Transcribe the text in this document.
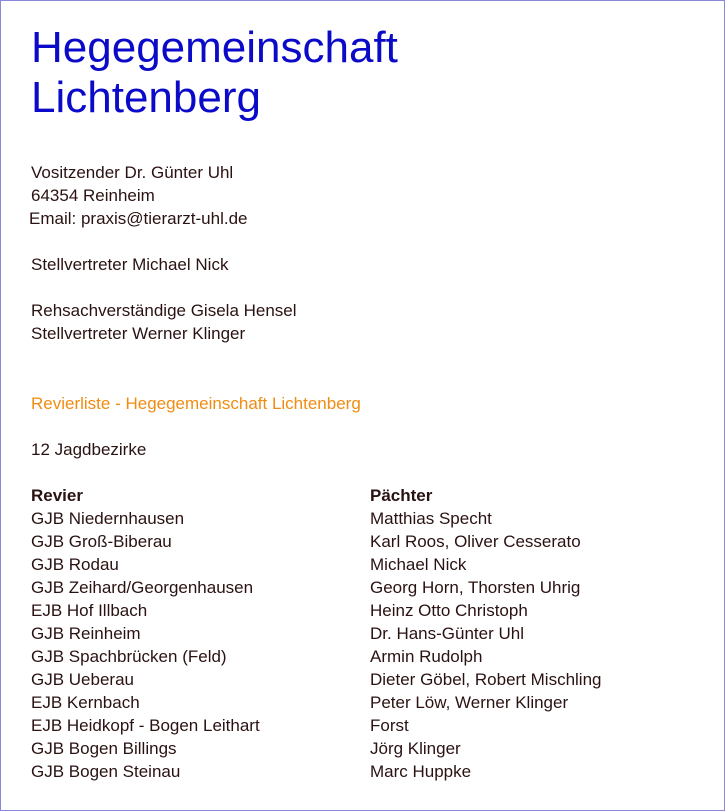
Hegegemeinschaft
Lichtenberg
Vositzender Dr. Günter Uhl
64354 Reinheim
Email: praxis@tierarzt-uhl.de
Stellvertreter Michael Nick
Rehsachverständige Gisela Hensel
Stellvertreter Werner Klinger
Revierliste - Hegegemeinschaft Lichtenberg
12 Jagdbezirke
Revier
GJB Niedernhausen
GJB Groß-Biberau
GJB Rodau
GJB Zeihard/Georgenhausen
EJB Hof Illbach
GJB Reinheim
GJB Spachbrücken (Feld)
GJB Ueberau
EJB Kernbach
EJB Heidkopf - Bogen Leithart
GJB Bogen Billings
GJB Bogen Steinau
Pächter
Matthias Specht
Karl Roos, Oliver Cesserato
Michael Nick
Georg Horn, Thorsten Uhrig
Heinz Otto Christoph
Dr. Hans-Günter Uhl
Armin Rudolph
Dieter Göbel, Robert Mischling
Peter Löw, Werner Klinger
Forst
Jörg Klinger
Marc Huppke
